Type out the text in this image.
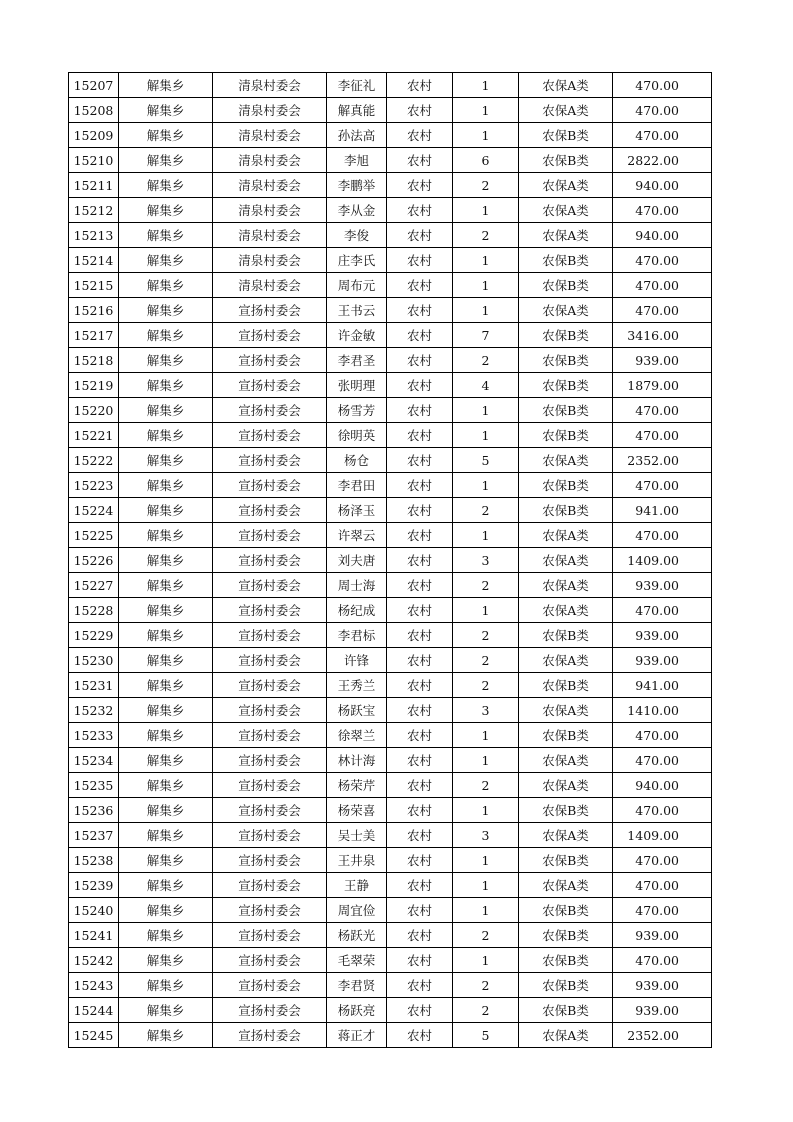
15207	解集乡	清泉村委会	李征礼	农村	1	农保A类	470.00
15208	解集乡	清泉村委会	解真能	农村	1	农保A类	470.00
15209	解集乡	清泉村委会	孙法高	农村	1	农保B类	470.00
15210	解集乡	清泉村委会	李旭	农村	6	农保B类	2822.00
15211	解集乡	清泉村委会	李鹏举	农村	2	农保A类	940.00
15212	解集乡	清泉村委会	李从金	农村	1	农保A类	470.00
15213	解集乡	清泉村委会	李俊	农村	2	农保A类	940.00
15214	解集乡	清泉村委会	庄李氏	农村	1	农保B类	470.00
15215	解集乡	清泉村委会	周布元	农村	1	农保B类	470.00
15216	解集乡	宣扬村委会	王书云	农村	1	农保A类	470.00
15217	解集乡	宣扬村委会	许金敏	农村	7	农保B类	3416.00
15218	解集乡	宣扬村委会	李君圣	农村	2	农保B类	939.00
15219	解集乡	宣扬村委会	张明理	农村	4	农保B类	1879.00
15220	解集乡	宣扬村委会	杨雪芳	农村	1	农保B类	470.00
15221	解集乡	宣扬村委会	徐明英	农村	1	农保B类	470.00
15222	解集乡	宣扬村委会	杨仓	农村	5	农保A类	2352.00
15223	解集乡	宣扬村委会	李君田	农村	1	农保B类	470.00
15224	解集乡	宣扬村委会	杨泽玉	农村	2	农保B类	941.00
15225	解集乡	宣扬村委会	许翠云	农村	1	农保A类	470.00
15226	解集乡	宣扬村委会	刘夫唐	农村	3	农保A类	1409.00
15227	解集乡	宣扬村委会	周士海	农村	2	农保A类	939.00
15228	解集乡	宣扬村委会	杨纪成	农村	1	农保A类	470.00
15229	解集乡	宣扬村委会	李君标	农村	2	农保B类	939.00
15230	解集乡	宣扬村委会	许锋	农村	2	农保A类	939.00
15231	解集乡	宣扬村委会	王秀兰	农村	2	农保B类	941.00
15232	解集乡	宣扬村委会	杨跃宝	农村	3	农保A类	1410.00
15233	解集乡	宣扬村委会	徐翠兰	农村	1	农保B类	470.00
15234	解集乡	宣扬村委会	林计海	农村	1	农保A类	470.00
15235	解集乡	宣扬村委会	杨荣芹	农村	2	农保A类	940.00
15236	解集乡	宣扬村委会	杨荣喜	农村	1	农保B类	470.00
15237	解集乡	宣扬村委会	吴士美	农村	3	农保A类	1409.00
15238	解集乡	宣扬村委会	王井泉	农村	1	农保B类	470.00
15239	解集乡	宣扬村委会	王静	农村	1	农保A类	470.00
15240	解集乡	宣扬村委会	周宜俭	农村	1	农保B类	470.00
15241	解集乡	宣扬村委会	杨跃光	农村	2	农保B类	939.00
15242	解集乡	宣扬村委会	毛翠荣	农村	1	农保B类	470.00
15243	解集乡	宣扬村委会	李君贤	农村	2	农保B类	939.00
15244	解集乡	宣扬村委会	杨跃亮	农村	2	农保B类	939.00
15245	解集乡	宣扬村委会	蒋正才	农村	5	农保A类	2352.00
